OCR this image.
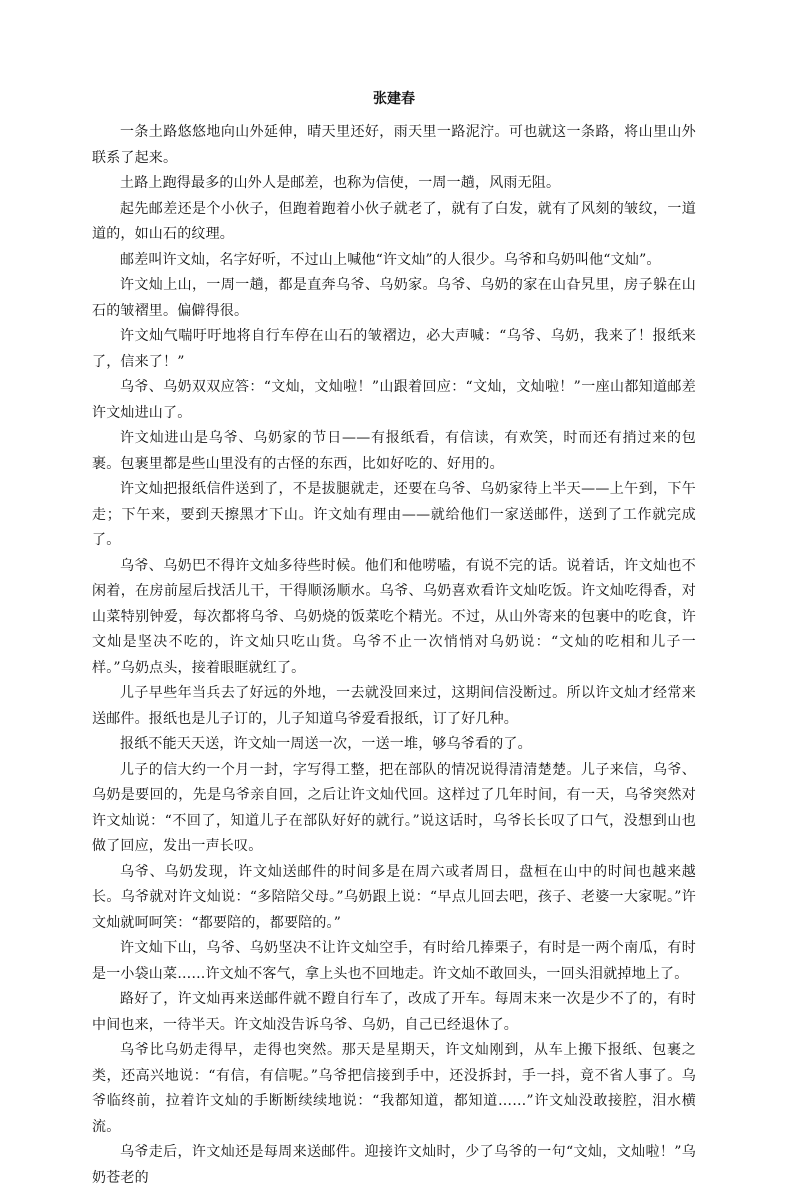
张建春

一条土路悠悠地向山外延伸，晴天里还好，雨天里一路泥泞。可也就这一条路，将山里山外联系了起来。

土路上跑得最多的山外人是邮差，也称为信使，一周一趟，风雨无阻。

起先邮差还是个小伙子，但跑着跑着小伙子就老了，就有了白发，就有了风刻的皱纹，一道道的，如山石的纹理。

邮差叫许文灿，名字好听，不过山上喊他“许文灿”的人很少。乌爷和乌奶叫他“文灿”。

许文灿上山，一周一趟，都是直奔乌爷、乌奶家。乌爷、乌奶的家在山旮旯里，房子躲在山石的皱褶里。偏僻得很。

许文灿气喘吁吁地将自行车停在山石的皱褶边，必大声喊：“乌爷、乌奶，我来了！报纸来了，信来了！”

乌爷、乌奶双双应答：“文灿，文灿啦！”山跟着回应：“文灿，文灿啦！”一座山都知道邮差许文灿进山了。

许文灿进山是乌爷、乌奶家的节日——有报纸看，有信读，有欢笑，时而还有捎过来的包裹。包裹里都是些山里没有的古怪的东西，比如好吃的、好用的。

许文灿把报纸信件送到了，不是拔腿就走，还要在乌爷、乌奶家待上半天——上午到，下午走；下午来，要到天擦黑才下山。许文灿有理由——就给他们一家送邮件，送到了工作就完成了。

乌爷、乌奶巴不得许文灿多待些时候。他们和他唠嗑，有说不完的话。说着话，许文灿也不闲着，在房前屋后找活儿干，干得顺汤顺水。乌爷、乌奶喜欢看许文灿吃饭。许文灿吃得香，对山菜特别钟爱，每次都将乌爷、乌奶烧的饭菜吃个精光。不过，从山外寄来的包裹中的吃食，许文灿是坚决不吃的，许文灿只吃山货。乌爷不止一次悄悄对乌奶说：“文灿的吃相和儿子一样。”乌奶点头，接着眼眶就红了。

儿子早些年当兵去了好远的外地，一去就没回来过，这期间信没断过。所以许文灿才经常来送邮件。报纸也是儿子订的，儿子知道乌爷爱看报纸，订了好几种。

报纸不能天天送，许文灿一周送一次，一送一堆，够乌爷看的了。

儿子的信大约一个月一封，字写得工整，把在部队的情况说得清清楚楚。儿子来信，乌爷、乌奶是要回的，先是乌爷亲自回，之后让许文灿代回。这样过了几年时间，有一天，乌爷突然对许文灿说：“不回了，知道儿子在部队好好的就行。”说这话时，乌爷长长叹了口气，没想到山也做了回应，发出一声长叹。

乌爷、乌奶发现，许文灿送邮件的时间多是在周六或者周日，盘桓在山中的时间也越来越长。乌爷就对许文灿说：“多陪陪父母。”乌奶跟上说：“早点儿回去吧，孩子、老婆一大家呢。”许文灿就呵呵笑：“都要陪的，都要陪的。”

许文灿下山，乌爷、乌奶坚决不让许文灿空手，有时给几捧栗子，有时是一两个南瓜，有时是一小袋山菜……许文灿不客气，拿上头也不回地走。许文灿不敢回头，一回头泪就掉地上了。

路好了，许文灿再来送邮件就不蹬自行车了，改成了开车。每周末来一次是少不了的，有时中间也来，一待半天。许文灿没告诉乌爷、乌奶，自己已经退休了。

乌爷比乌奶走得早，走得也突然。那天是星期天，许文灿刚到，从车上搬下报纸、包裹之类，还高兴地说：“有信，有信呢。”乌爷把信接到手中，还没拆封，手一抖，竟不省人事了。乌爷临终前，拉着许文灿的手断断续续地说：“我都知道，都知道……”许文灿没敢接腔，泪水横流。

乌爷走后，许文灿还是每周来送邮件。迎接许文灿时，少了乌爷的一句“文灿，文灿啦！”乌奶苍老的
